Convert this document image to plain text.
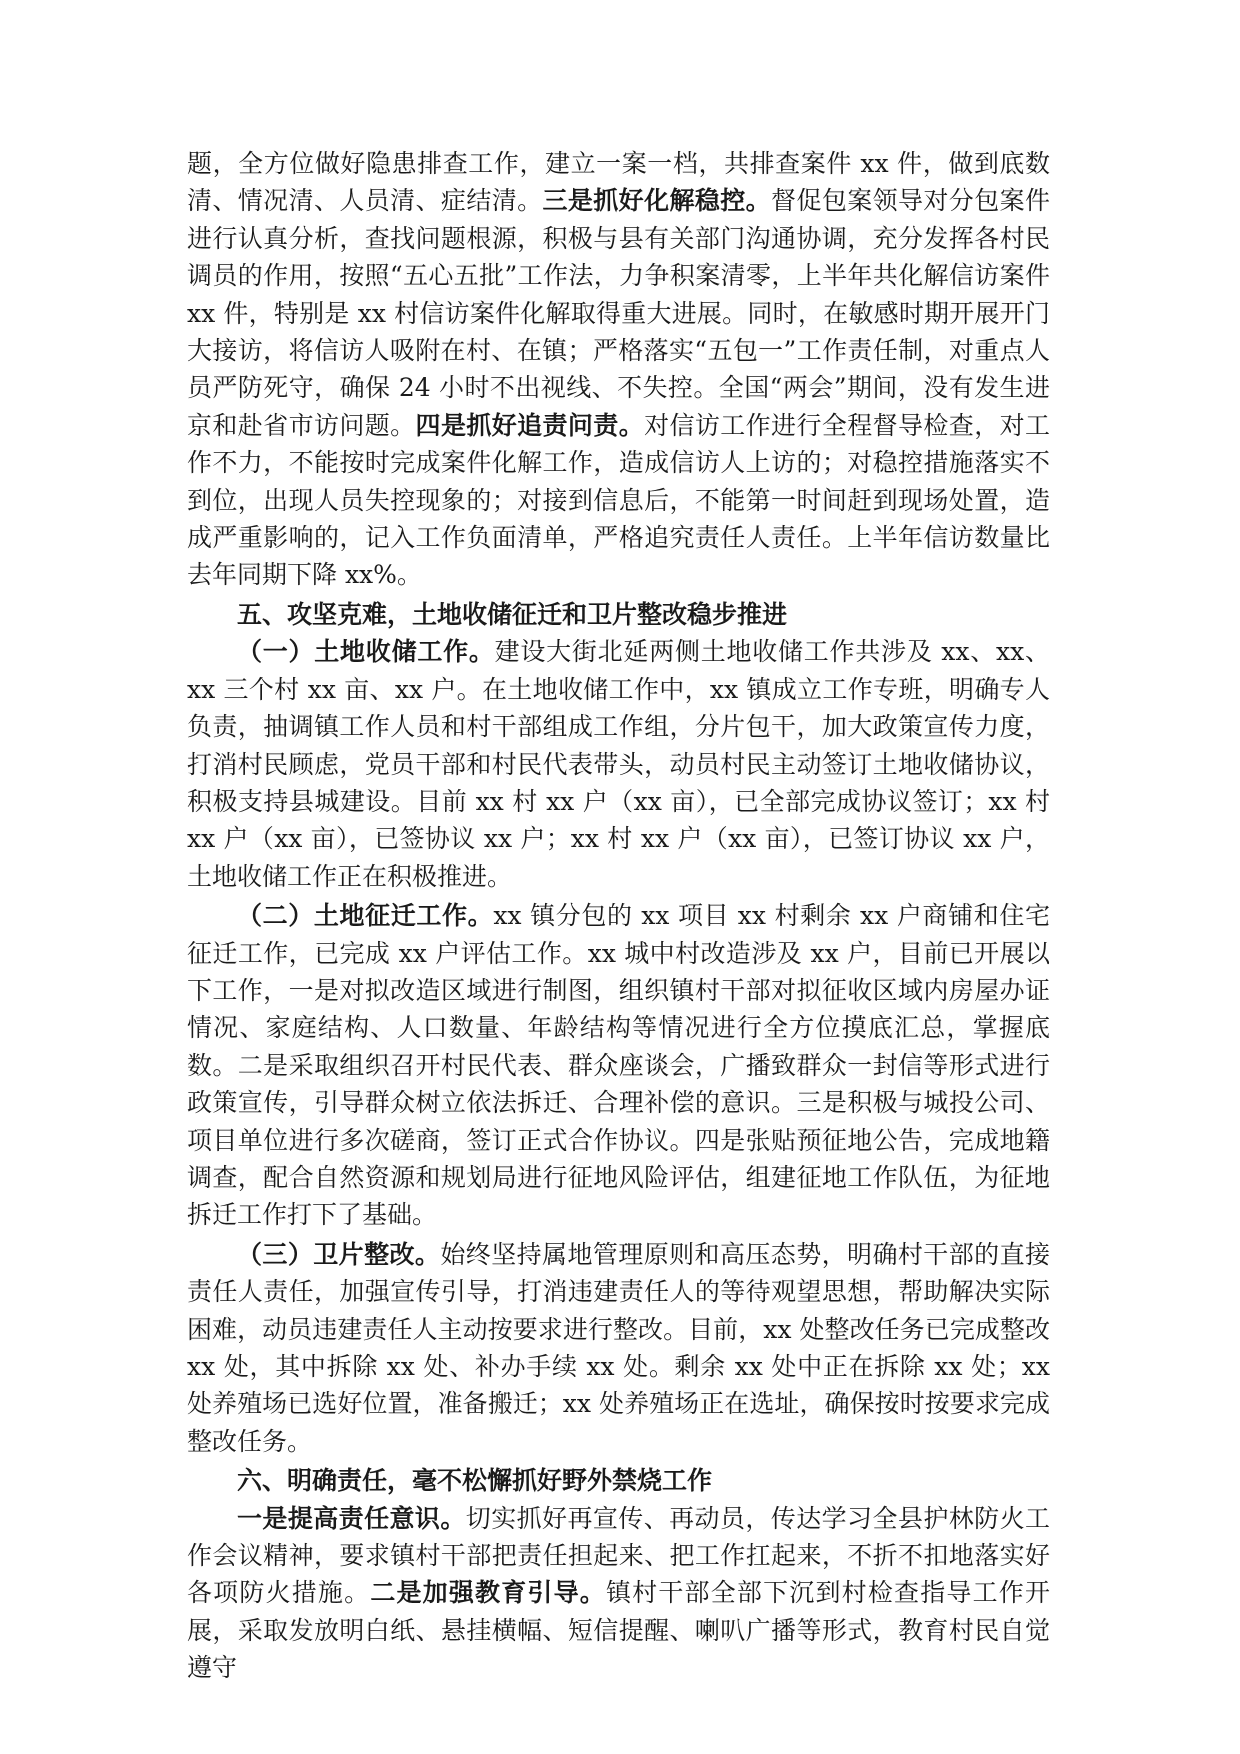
题，全方位做好隐患排查工作，建立一案一档，共排查案件 xx 件，做到底数清、情况清、人员清、症结清。三是抓好化解稳控。督促包案领导对分包案件进行认真分析，查找问题根源，积极与县有关部门沟通协调，充分发挥各村民调员的作用，按照“五心五批”工作法，力争积案清零，上半年共化解信访案件 xx 件，特别是 xx 村信访案件化解取得重大进展。同时，在敏感时期开展开门大接访，将信访人吸附在村、在镇；严格落实“五包一”工作责任制，对重点人员严防死守，确保 24 小时不出视线、不失控。全国“两会”期间，没有发生进京和赴省市访问题。四是抓好追责问责。对信访工作进行全程督导检查，对工作不力，不能按时完成案件化解工作，造成信访人上访的；对稳控措施落实不到位，出现人员失控现象的；对接到信息后，不能第一时间赶到现场处置，造成严重影响的，记入工作负面清单，严格追究责任人责任。上半年信访数量比去年同期下降 xx%。

五、攻坚克难，土地收储征迁和卫片整改稳步推进

（一）土地收储工作。建设大街北延两侧土地收储工作共涉及 xx、xx、xx 三个村 xx 亩、xx 户。在土地收储工作中，xx 镇成立工作专班，明确专人负责，抽调镇工作人员和村干部组成工作组，分片包干，加大政策宣传力度，打消村民顾虑，党员干部和村民代表带头，动员村民主动签订土地收储协议，积极支持县城建设。目前 xx 村 xx 户（xx 亩），已全部完成协议签订；xx 村 xx 户（xx 亩），已签协议 xx 户；xx 村 xx 户（xx 亩），已签订协议 xx 户，土地收储工作正在积极推进。

（二）土地征迁工作。xx 镇分包的 xx 项目 xx 村剩余 xx 户商铺和住宅征迁工作，已完成 xx 户评估工作。xx 城中村改造涉及 xx 户，目前已开展以下工作，一是对拟改造区域进行制图，组织镇村干部对拟征收区域内房屋办证情况、家庭结构、人口数量、年龄结构等情况进行全方位摸底汇总，掌握底数。二是采取组织召开村民代表、群众座谈会，广播致群众一封信等形式进行政策宣传，引导群众树立依法拆迁、合理补偿的意识。三是积极与城投公司、项目单位进行多次磋商，签订正式合作协议。四是张贴预征地公告，完成地籍调查，配合自然资源和规划局进行征地风险评估，组建征地工作队伍，为征地拆迁工作打下了基础。

（三）卫片整改。始终坚持属地管理原则和高压态势，明确村干部的直接责任人责任，加强宣传引导，打消违建责任人的等待观望思想，帮助解决实际困难，动员违建责任人主动按要求进行整改。目前，xx 处整改任务已完成整改 xx 处，其中拆除 xx 处、补办手续 xx 处。剩余 xx 处中正在拆除 xx 处；xx 处养殖场已选好位置，准备搬迁；xx 处养殖场正在选址，确保按时按要求完成整改任务。

六、明确责任，毫不松懈抓好野外禁烧工作

一是提高责任意识。切实抓好再宣传、再动员，传达学习全县护林防火工作会议精神，要求镇村干部把责任担起来、把工作扛起来，不折不扣地落实好各项防火措施。二是加强教育引导。镇村干部全部下沉到村检查指导工作开展，采取发放明白纸、悬挂横幅、短信提醒、喇叭广播等形式，教育村民自觉遵守
